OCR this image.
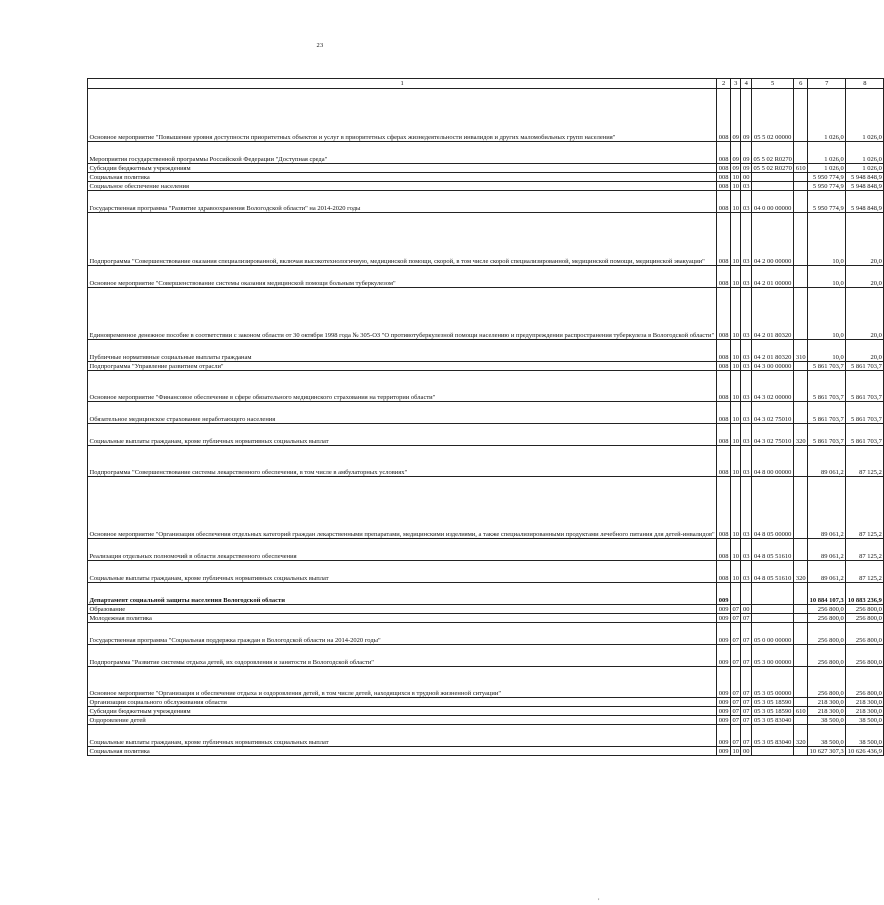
23
1	2	3	4	5	6	7	8
Основное мероприятие "Повышение уровня доступности приоритетных объектов и услуг в приоритетных сферах жизнедеятельности инвалидов и других маломобильных групп населения"	008	09	09	05 5 02 00000		1 026,0	1 026,0
Мероприятия государственной программы Российской Федерации "Доступная среда"	008	09	09	05 5 02 R0270		1 026,0	1 026,0
Субсидии бюджетным учреждениям	008	09	09	05 5 02 R0270	610	1 026,0	1 026,0
Социальная политика	008	10	00			5 950 774,9	5 948 848,9
Социальное обеспечение населения	008	10	03			5 950 774,9	5 948 848,9
Государственная программа "Развитие здравоохранения Вологодской области" на 2014-2020 годы	008	10	03	04 0 00 00000		5 950 774,9	5 948 848,9
Подпрограмма "Совершенствование оказания специализированной, включая высокотехнологичную, медицинской помощи, скорой, в том числе скорой специализированной, медицинской помощи, медицинской эвакуации"	008	10	03	04 2 00 00000		10,0	20,0
Основное мероприятие "Совершенствование системы оказания медицинской помощи больным туберкулезом"	008	10	03	04 2 01 00000		10,0	20,0
Единовременное денежное пособие в соответствии с законом области от 30 октября 1998 года № 305-ОЗ "О противотуберкулезной помощи населению и предупреждении распространения туберкулеза в Вологодской области"	008	10	03	04 2 01 80320		10,0	20,0
Публичные нормативные социальные выплаты гражданам	008	10	03	04 2 01 80320	310	10,0	20,0
Подпрограмма "Управление развитием отрасли"	008	10	03	04 3 00 00000		5 861 703,7	5 861 703,7
Основное мероприятие "Финансовое обеспечение в сфере обязательного медицинского страхования на территории области"	008	10	03	04 3 02 00000		5 861 703,7	5 861 703,7
Обязательное медицинское страхование неработающего населения	008	10	03	04 3 02 75010		5 861 703,7	5 861 703,7
Социальные выплаты гражданам, кроме публичных нормативных социальных выплат	008	10	03	04 3 02 75010	320	5 861 703,7	5 861 703,7
Подпрограмма "Совершенствование системы лекарственного обеспечения, в том числе в амбулаторных условиях"	008	10	03	04 8 00 00000		89 061,2	87 125,2
Основное мероприятие "Организация обеспечения отдельных категорий граждан лекарственными препаратами, медицинскими изделиями, а также специализированными продуктами лечебного питания для детей-инвалидов"	008	10	03	04 8 05 00000		89 061,2	87 125,2
Реализация отдельных полномочий в области лекарственного обеспечения	008	10	03	04 8 05 51610		89 061,2	87 125,2
Социальные выплаты гражданам, кроме публичных нормативных социальных выплат	008	10	03	04 8 05 51610	320	89 061,2	87 125,2
Департамент социальной защиты населения Вологодской области	009					10 884 107,3	10 883 236,9
Образование	009	07	00			256 800,0	256 800,0
Молодежная политика	009	07	07			256 800,0	256 800,0
Государственная программа "Социальная поддержка граждан в Вологодской области на 2014-2020 годы"	009	07	07	05 0 00 00000		256 800,0	256 800,0
Подпрограмма "Развитие системы отдыха детей, их оздоровления и занятости в Вологодской области"	009	07	07	05 3 00 00000		256 800,0	256 800,0
Основное мероприятие "Организация и обеспечение отдыха и оздоровления детей, в том числе детей, находящихся в трудной жизненной ситуации"	009	07	07	05 3 05 00000		256 800,0	256 800,0
Организации социального обслуживания области	009	07	07	05 3 05 18590		218 300,0	218 300,0
Субсидии бюджетным учреждениям	009	07	07	05 3 05 18590	610	218 300,0	218 300,0
Оздоровление детей	009	07	07	05 3 05 83040		38 500,0	38 500,0
Социальные выплаты гражданам, кроме публичных нормативных социальных выплат	009	07	07	05 3 05 83040	320	38 500,0	38 500,0
Социальная политика	009	10	00			10 627 307,3	10 626 436,9
,
